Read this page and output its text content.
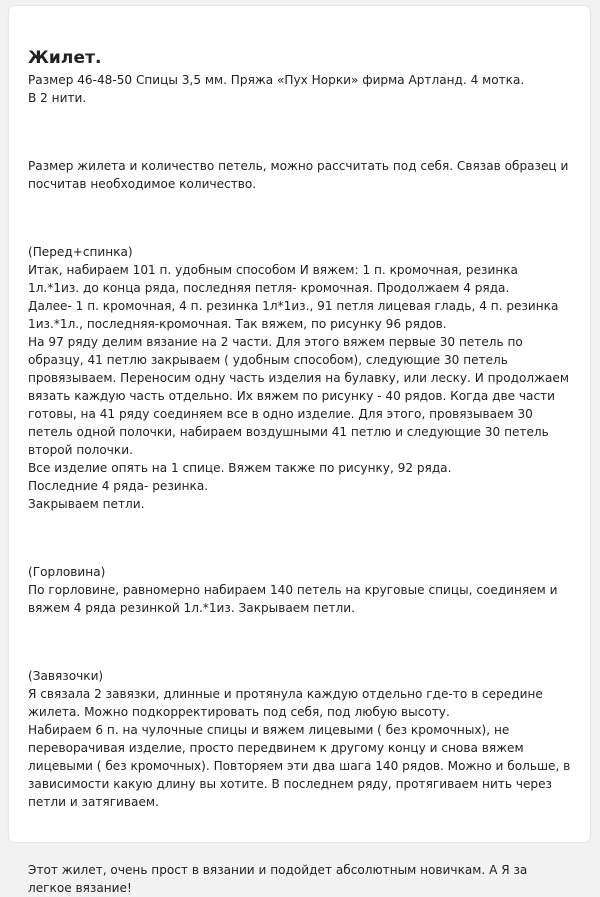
Жилет.

Размер 46-48-50 Спицы 3,5 мм. Пряжа «Пух Норки» фирма Артланд. 4 мотка.

В 2 нити.

Размер жилета и количество петель, можно рассчитать под себя. Связав образец и посчитав необходимое количество.

(Перед+спинка)

Итак, набираем 101 п. удобным способом И вяжем: 1 п. кромочная, резинка 1л.*1из. до конца ряда, последняя петля- кромочная. Продолжаем 4 ряда.

Далее- 1 п. кромочная, 4 п. резинка 1л*1из., 91 петля лицевая гладь, 4 п. резинка 1из.*1л., последняя-кромочная. Так вяжем, по рисунку 96 рядов.

На 97 ряду делим вязание на 2 части. Для этого вяжем первые 30 петель по образцу, 41 петлю закрываем ( удобным способом), следующие 30 петель провязываем. Переносим одну часть изделия на булавку, или леску. И продолжаем вязать каждую часть отдельно. Их вяжем по рисунку - 40 рядов. Когда две части готовы, на 41 ряду соединяем все в одно изделие. Для этого, провязываем 30 петель одной полочки, набираем воздушными 41 петлю и следующие 30 петель второй полочки.

Все изделие опять на 1 спице. Вяжем также по рисунку, 92 ряда.

Последние 4 ряда- резинка.

Закрываем петли.

(Горловина)

По горловине, равномерно набираем 140 петель на круговые спицы, соединяем и вяжем 4 ряда резинкой 1л.*1из. Закрываем петли.

(Завязочки)

Я связала 2 завязки, длинные и протянула каждую отдельно где-то в середине жилета. Можно подкорректировать под себя, под любую высоту.

Набираем 6 п. на чулочные спицы и вяжем лицевыми ( без кромочных), не переворачивая изделие, просто передвинем к другому концу и снова вяжем лицевыми ( без кромочных). Повторяем эти два шага 140 рядов. Можно и больше, в зависимости какую длину вы хотите. В последнем ряду, протягиваем нить через петли и затягиваем.

Этот жилет, очень прост в вязании и подойдет абсолютным новичкам. А Я за легкое вязание!
